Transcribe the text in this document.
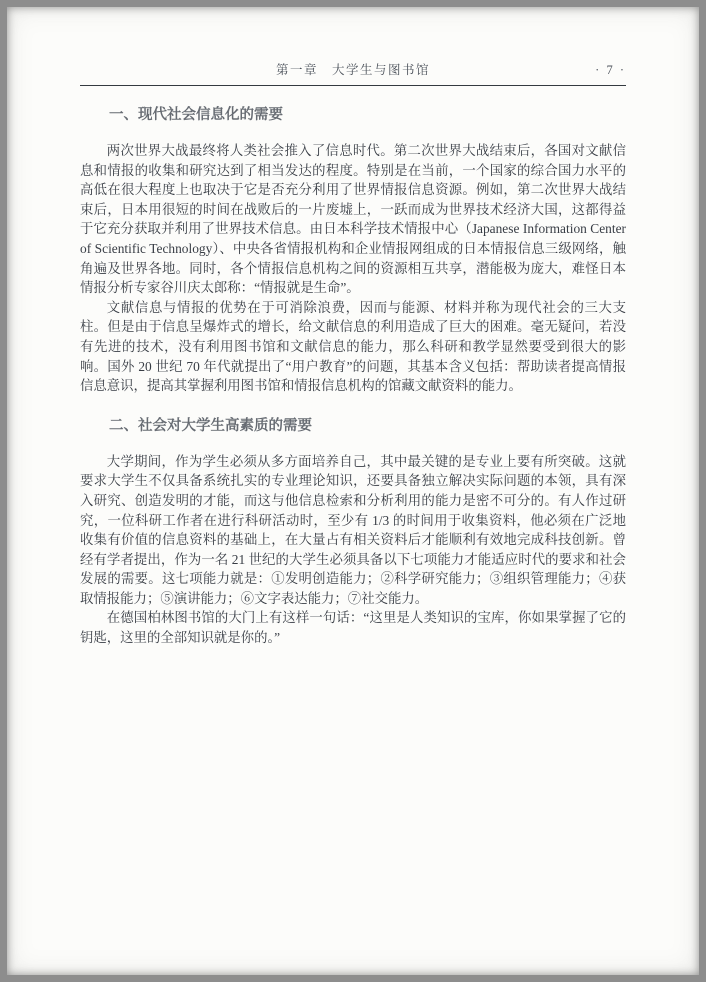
第一章　大学生与图书馆	· 7 ·
一、现代社会信息化的需要

两次世界大战最终将人类社会推入了信息时代。第二次世界大战结束后，各国对文献信息和情报的收集和研究达到了相当发达的程度。特别是在当前，一个国家的综合国力水平的高低在很大程度上也取决于它是否充分利用了世界情报信息资源。例如，第二次世界大战结束后，日本用很短的时间在战败后的一片废墟上，一跃而成为世界技术经济大国，这都得益于它充分获取并利用了世界技术信息。由日本科学技术情报中心（Japanese Information Center of Scientific Technology）、中央各省情报机构和企业情报网组成的日本情报信息三级网络，触角遍及世界各地。同时，各个情报信息机构之间的资源相互共享，潜能极为庞大，难怪日本情报分析专家谷川庆太郎称：“情报就是生命”。

文献信息与情报的优势在于可消除浪费，因而与能源、材料并称为现代社会的三大支柱。但是由于信息呈爆炸式的增长，给文献信息的利用造成了巨大的困难。毫无疑问，若没有先进的技术，没有利用图书馆和文献信息的能力，那么科研和教学显然要受到很大的影响。国外 20 世纪 70 年代就提出了“用户教育”的问题，其基本含义包括：帮助读者提高情报信息意识，提高其掌握利用图书馆和情报信息机构的馆藏文献资料的能力。

二、社会对大学生高素质的需要

大学期间，作为学生必须从多方面培养自己，其中最关键的是专业上要有所突破。这就要求大学生不仅具备系统扎实的专业理论知识，还要具备独立解决实际问题的本领，具有深入研究、创造发明的才能，而这与他信息检索和分析利用的能力是密不可分的。有人作过研究，一位科研工作者在进行科研活动时，至少有 1/3 的时间用于收集资料，他必须在广泛地收集有价值的信息资料的基础上，在大量占有相关资料后才能顺利有效地完成科技创新。曾经有学者提出，作为一名 21 世纪的大学生必须具备以下七项能力才能适应时代的要求和社会发展的需要。这七项能力就是：①发明创造能力；②科学研究能力；③组织管理能力；④获取情报能力；⑤演讲能力；⑥文字表达能力；⑦社交能力。

在德国柏林图书馆的大门上有这样一句话：“这里是人类知识的宝库，你如果掌握了它的钥匙，这里的全部知识就是你的。”
